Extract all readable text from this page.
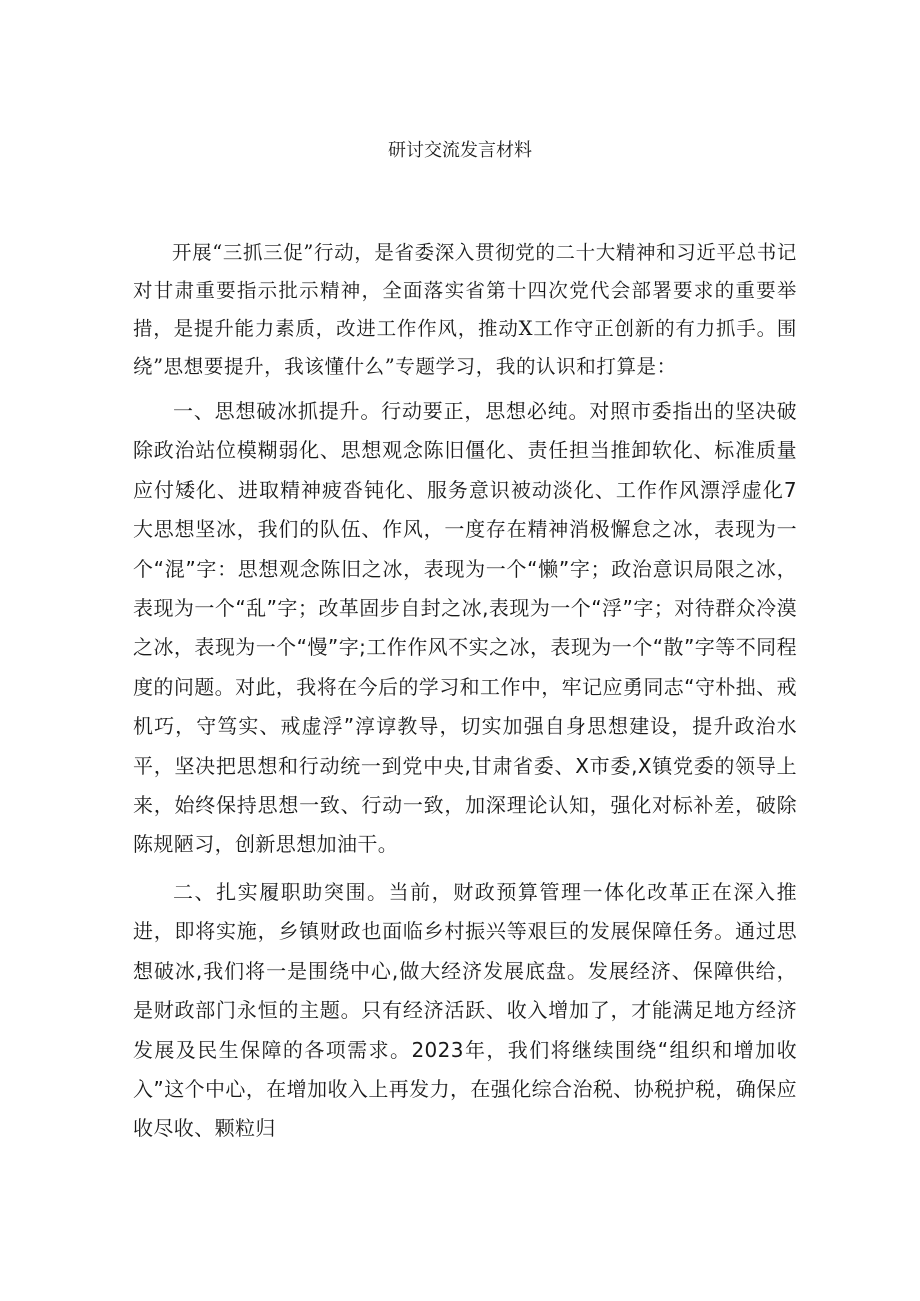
研讨交流发言材料

开展“三抓三促”行动，是省委深入贯彻党的二十大精神和习近平总书记对甘肃重要指示批示精神，全面落实省第十四次党代会部署要求的重要举措，是提升能力素质，改进工作作风，推动X工作守正创新的有力抓手。围绕”思想要提升，我该懂什么”专题学习，我的认识和打算是：

一、思想破冰抓提升。行动要正，思想必纯。对照市委指出的坚决破除政治站位模糊弱化、思想观念陈旧僵化、责任担当推卸软化、标准质量应付矮化、进取精神疲沓钝化、服务意识被动淡化、工作作风漂浮虚化7大思想坚冰，我们的队伍、作风，一度存在精神消极懈怠之冰，表现为一个“混”字：思想观念陈旧之冰，表现为一个“懒”字；政治意识局限之冰，表现为一个“乱”字；改革固步自封之冰,表现为一个“浮”字；对待群众冷漠之冰，表现为一个“慢”字;工作作风不实之冰，表现为一个“散”字等不同程度的问题。对此，我将在今后的学习和工作中，牢记应勇同志“守朴拙、戒机巧，守笃实、戒虚浮”淳谆教导，切实加强自身思想建设，提升政治水平，坚决把思想和行动统一到党中央,甘肃省委、X市委,X镇党委的领导上来，始终保持思想一致、行动一致，加深理论认知，强化对标补差，破除陈规陋习，创新思想加油干。

二、扎实履职助突围。当前，财政预算管理一体化改革正在深入推进，即将实施，乡镇财政也面临乡村振兴等艰巨的发展保障任务。通过思想破冰,我们将一是围绕中心,做大经济发展底盘。发展经济、保障供给，是财政部门永恒的主题。只有经济活跃、收入增加了，才能满足地方经济发展及民生保障的各项需求。2023年，我们将继续围绕“组织和增加收入”这个中心，在增加收入上再发力，在强化综合治税、协税护税，确保应收尽收、颗粒归
